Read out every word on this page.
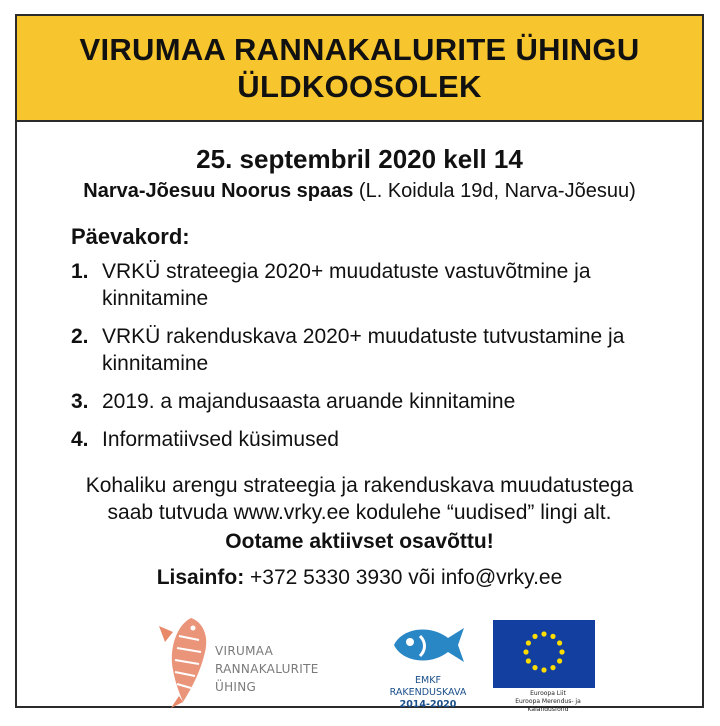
VIRUMAA RANNAKALURITE ÜHINGU
ÜLDKOOSOLEK
25. septembril 2020 kell 14
Narva-Jõesuu Noorus spaas (L. Koidula 19d, Narva-Jõesuu)
Päevakord:
1. VRKÜ strateegia 2020+ muudatuste vastuvõtmine ja kinnitamine
2. VRKÜ rakenduskava 2020+ muudatuste tutvustamine ja kinnitamine
3. 2019. a majandusaasta aruande kinnitamine
4. Informatiivsed küsimused
Kohaliku arengu strateegia ja rakenduskava muudatustega
saab tutvuda www.vrky.ee kodulehe “uudised” lingi alt.
Ootame aktiivset osavõttu!
Lisainfo: +372 5330 3930 või info@vrky.ee
VIRUMAA
RANNAKALURITE
ÜHING	EMKF
RAKENDUSKAVA
2014-2020
Euroopa Liit
Euroopa Merendus- ja Kalandusfond
